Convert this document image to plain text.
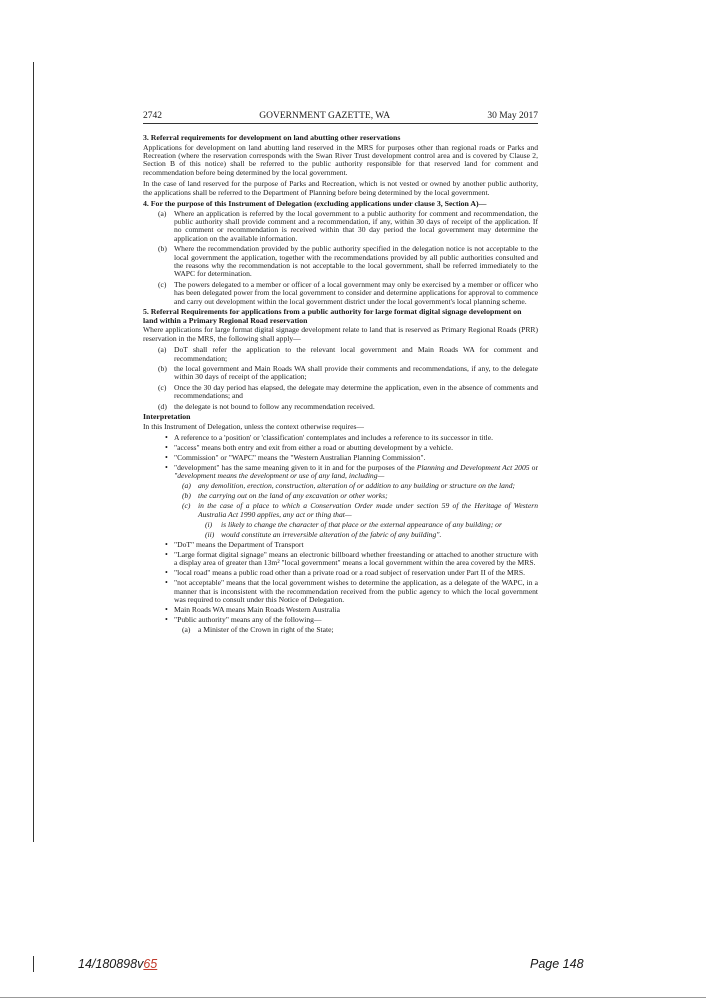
2742	GOVERNMENT GAZETTE, WA	30 May 2017
3. Referral requirements for development on land abutting other reservations

Applications for development on land abutting land reserved in the MRS for purposes other than regional roads or Parks and Recreation (where the reservation corresponds with the Swan River Trust development control area and is covered by Clause 2, Section B of this notice) shall be referred to the public authority responsible for that reserved land for comment and recommendation before being determined by the local government.

In the case of land reserved for the purpose of Parks and Recreation, which is not vested or owned by another public authority, the applications shall be referred to the Department of Planning before being determined by the local government.

4. For the purpose of this Instrument of Delegation (excluding applications under clause 3, Section A)—
(a) Where an application is referred by the local government to a public authority for comment and recommendation, the public authority shall provide comment and a recommendation, if any, within 30 days of receipt of the application. If no comment or recommendation is received within that 30 day period the local government may determine the application on the available information.
(b) Where the recommendation provided by the public authority specified in the delegation notice is not acceptable to the local government the application, together with the recommendations provided by all public authorities consulted and the reasons why the recommendation is not acceptable to the local government, shall be referred immediately to the WAPC for determination.
(c) The powers delegated to a member or officer of a local government may only be exercised by a member or officer who has been delegated power from the local government to consider and determine applications for approval to commence and carry out development within the local government district under the local government's local planning scheme.
5. Referral Requirements for applications from a public authority for large format digital signage development on land within a Primary Regional Road reservation

Where applications for large format digital signage development relate to land that is reserved as Primary Regional Roads (PRR) reservation in the MRS, the following shall apply—

(a) DoT shall refer the application to the relevant local government and Main Roads WA for comment and recommendation;
(b) the local government and Main Roads WA shall provide their comments and recommendations, if any, to the delegate within 30 days of receipt of the application;
(c) Once the 30 day period has elapsed, the delegate may determine the application, even in the absence of comments and recommendations; and
(d) the delegate is not bound to follow any recommendation received.
Interpretation

In this Instrument of Delegation, unless the context otherwise requires—

• A reference to a 'position' or 'classification' contemplates and includes a reference to its successor in title.
• "access" means both entry and exit from either a road or abutting development by a vehicle.
• "Commission" or "WAPC" means the "Western Australian Planning Commission".
• "development" has the same meaning given to it in and for the purposes of the Planning and Development Act 2005 or "development means the development or use of any land, including—
(a) any demolition, erection, construction, alteration of or addition to any building or structure on the land;
(b) the carrying out on the land of any excavation or other works;
(c) in the case of a place to which a Conservation Order made under section 59 of the Heritage of Western Australia Act 1990 applies, any act or thing that—
(i)	is likely to change the character of that place or the external appearance of any building; or
(ii) would constitute an irreversible alteration of the fabric of any building".
• "DoT" means the Department of Transport
• "Large format digital signage" means an electronic billboard whether freestanding or attached to another structure with a display area of greater than 13m² "local government" means a local government within the area covered by the MRS.
• "local road" means a public road other than a private road or a road subject of reservation under Part II of the MRS.
• "not acceptable" means that the local government wishes to determine the application, as a delegate of the WAPC, in a manner that is inconsistent with the recommendation received from the public agency to which the local government was required to consult under this Notice of Delegation.
• Main Roads WA means Main Roads Western Australia
• "Public authority" means any of the following—
(a) a Minister of the Crown in right of the State;
14/180898v65	Page 148
